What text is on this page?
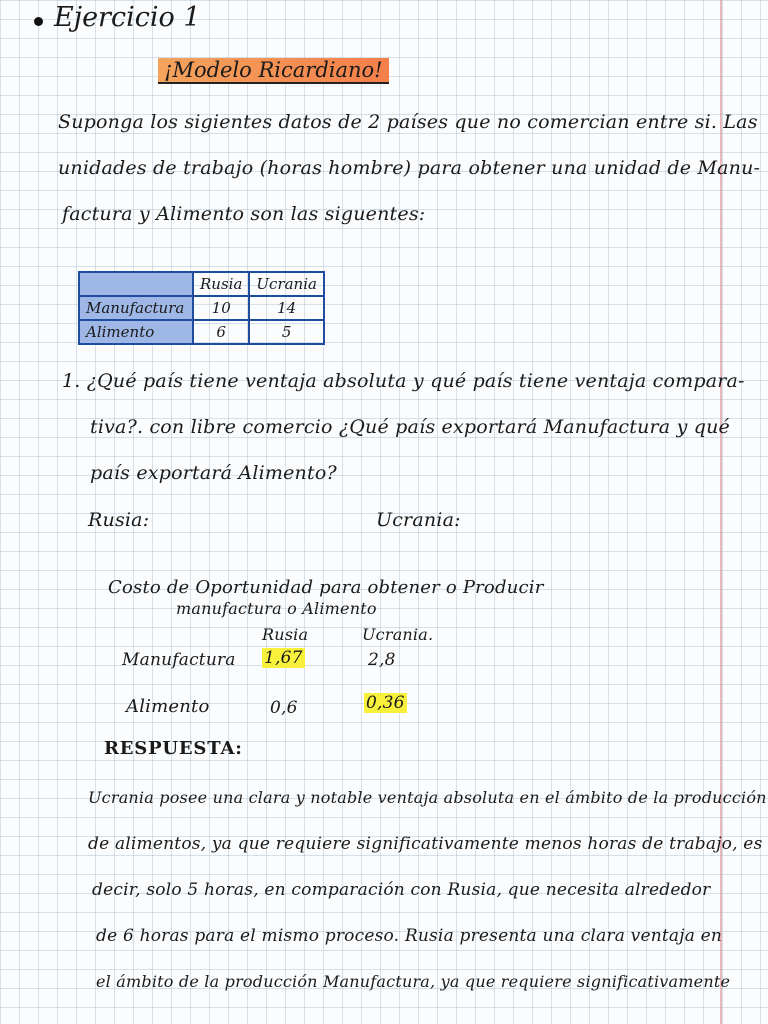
Ejercicio 1
¡Modelo Ricardiano!
Suponga los sigientes datos de 2 países que no comercian entre si. Las
unidades de trabajo (horas hombre) para obtener una unidad de Manu-
factura y Alimento son las siguentes:
	Rusia	Ucrania
Manufactura	10	14
Alimento	6	5
1. ¿Qué país tiene ventaja absoluta y qué país tiene ventaja compara-
tiva?. con libre comercio ¿Qué país exportará Manufactura y qué
país exportará Alimento?
Rusia:	Ucrania:
Costo de Oportunidad para obtener o Producir
manufactura o Alimento
Rusia	Ucrania.
Manufactura 1,67	2,8
Alimento	0,6	0,36
RESPUESTA:
Ucrania posee una clara y notable ventaja absoluta en el ámbito de la producción
de alimentos, ya que requiere significativamente menos horas de trabajo, es
decir, solo 5 horas, en comparación con Rusia, que necesita alrededor
de 6 horas para el mismo proceso. Rusia presenta una clara ventaja en
el ámbito de la producción Manufactura, ya que requiere significativamente
